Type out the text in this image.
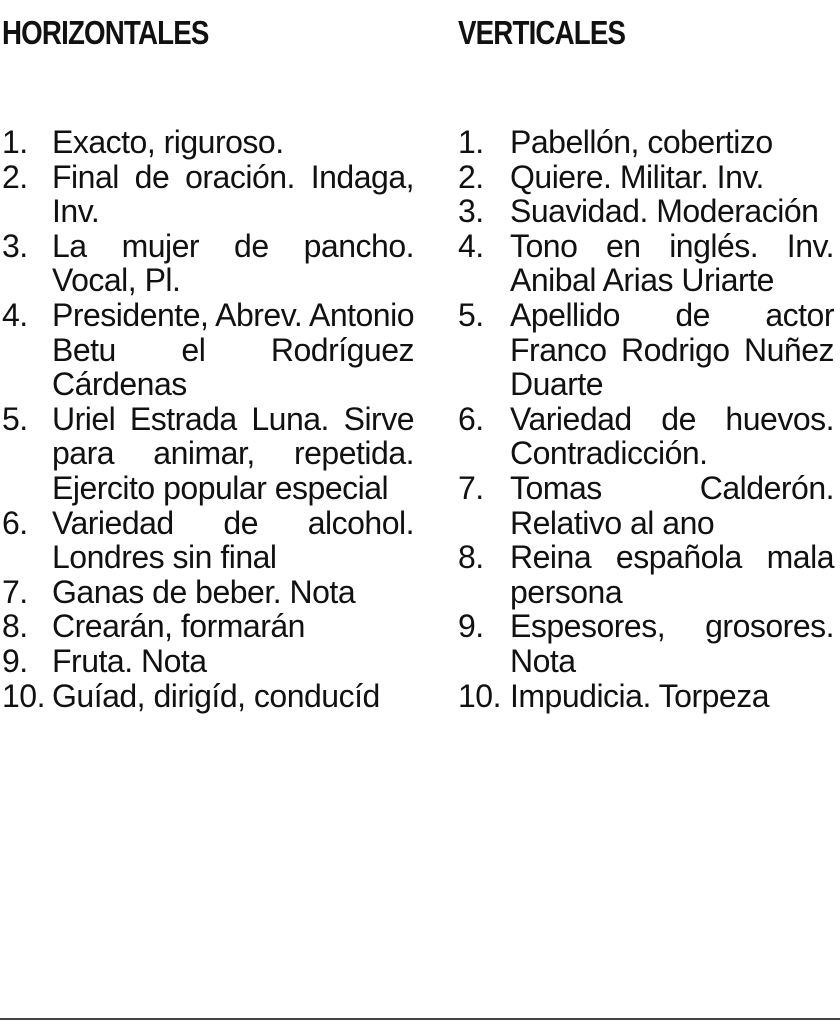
HORIZONTALES
1. Exacto, riguroso.
2. Final de oración. Indaga, Inv.
3. La mujer de pancho. Vocal, Pl.
4. Presidente, Abrev. Antonio Betu el Rodríguez Cárdenas
5. Uriel Estrada Luna. Sirve para animar, repetida. Ejercito popular especial
6. Variedad de alcohol. Londres sin final
7. Ganas de beber. Nota
8. Crearán, formarán
9. Fruta. Nota
10. Guíad, dirigíd, conducíd
VERTICALES
1. Pabellón, cobertizo
2. Quiere. Militar. Inv.
3. Suavidad. Moderación
4. Tono en inglés. Inv. Anibal Arias Uriarte
5. Apellido de actor Franco Rodrigo Nuñez Duarte
6. Variedad de huevos. Contradicción.
7. Tomas Calderón. Relativo al ano
8. Reina española mala persona
9. Espesores, grosores. Nota
10. Impudicia. Torpeza
